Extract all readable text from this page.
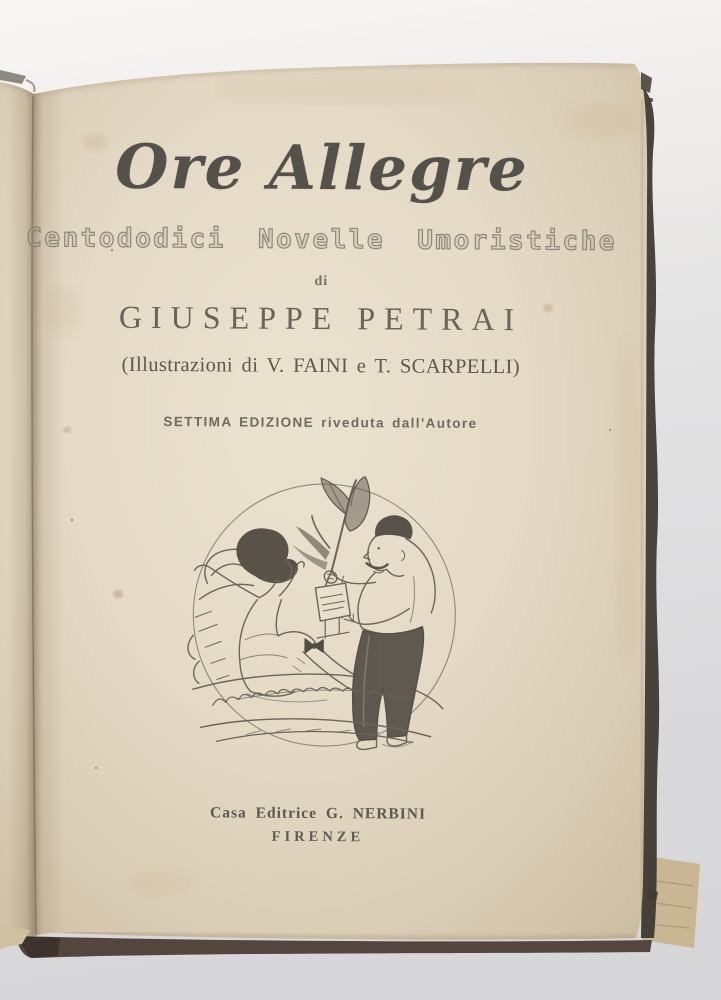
Ore Allegre
Centododici Novelle Umoristiche
di
GIUSEPPE PETRAI
(Illustrazioni di V. FAINI e T. SCARPELLI)
SETTIMA EDIZIONE riveduta dall'Autore
Casa Editrice G. NERBINI
FIRENZE
